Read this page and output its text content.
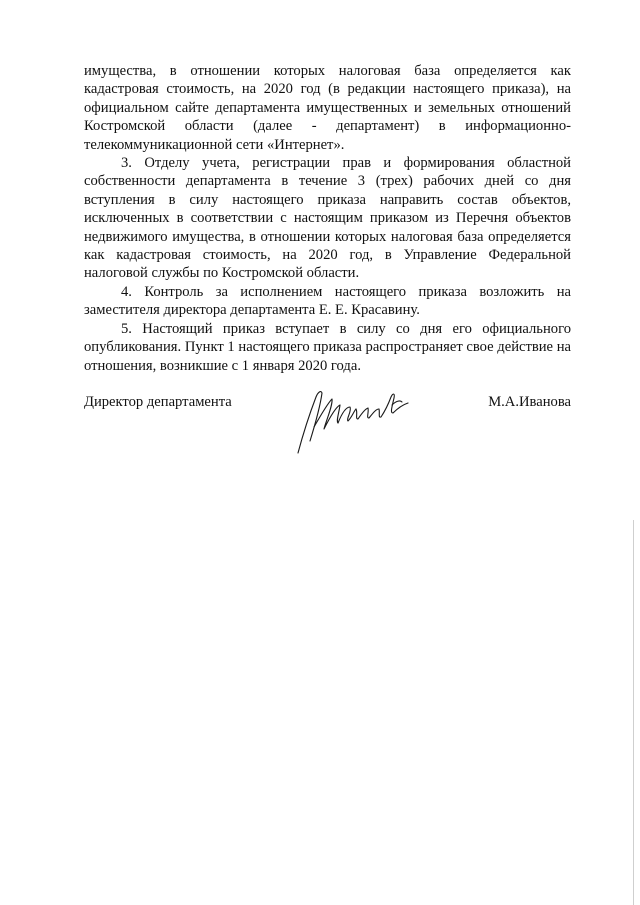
имущества, в отношении которых налоговая база определяется как кадастровая стоимость, на 2020 год (в редакции настоящего приказа), на официальном сайте департамента имущественных и земельных отношений Костромской области (далее - департамент) в информационно-телекоммуникационной сети «Интернет».

3. Отделу учета, регистрации прав и формирования областной собственности департамента в течение 3 (трех) рабочих дней со дня вступления в силу настоящего приказа направить состав объектов, исключенных в соответствии с настоящим приказом из Перечня объектов недвижимого имущества, в отношении которых налоговая база определяется как кадастровая стоимость, на 2020 год, в Управление Федеральной налоговой службы по Костромской области.

4. Контроль за исполнением настоящего приказа возложить на заместителя директора департамента Е. Е. Красавину.

5. Настоящий приказ вступает в силу со дня его официального опубликования. Пункт 1 настоящего приказа распространяет свое действие на отношения, возникшие с 1 января 2020 года.

Директор департамента	М.А.Иванова
